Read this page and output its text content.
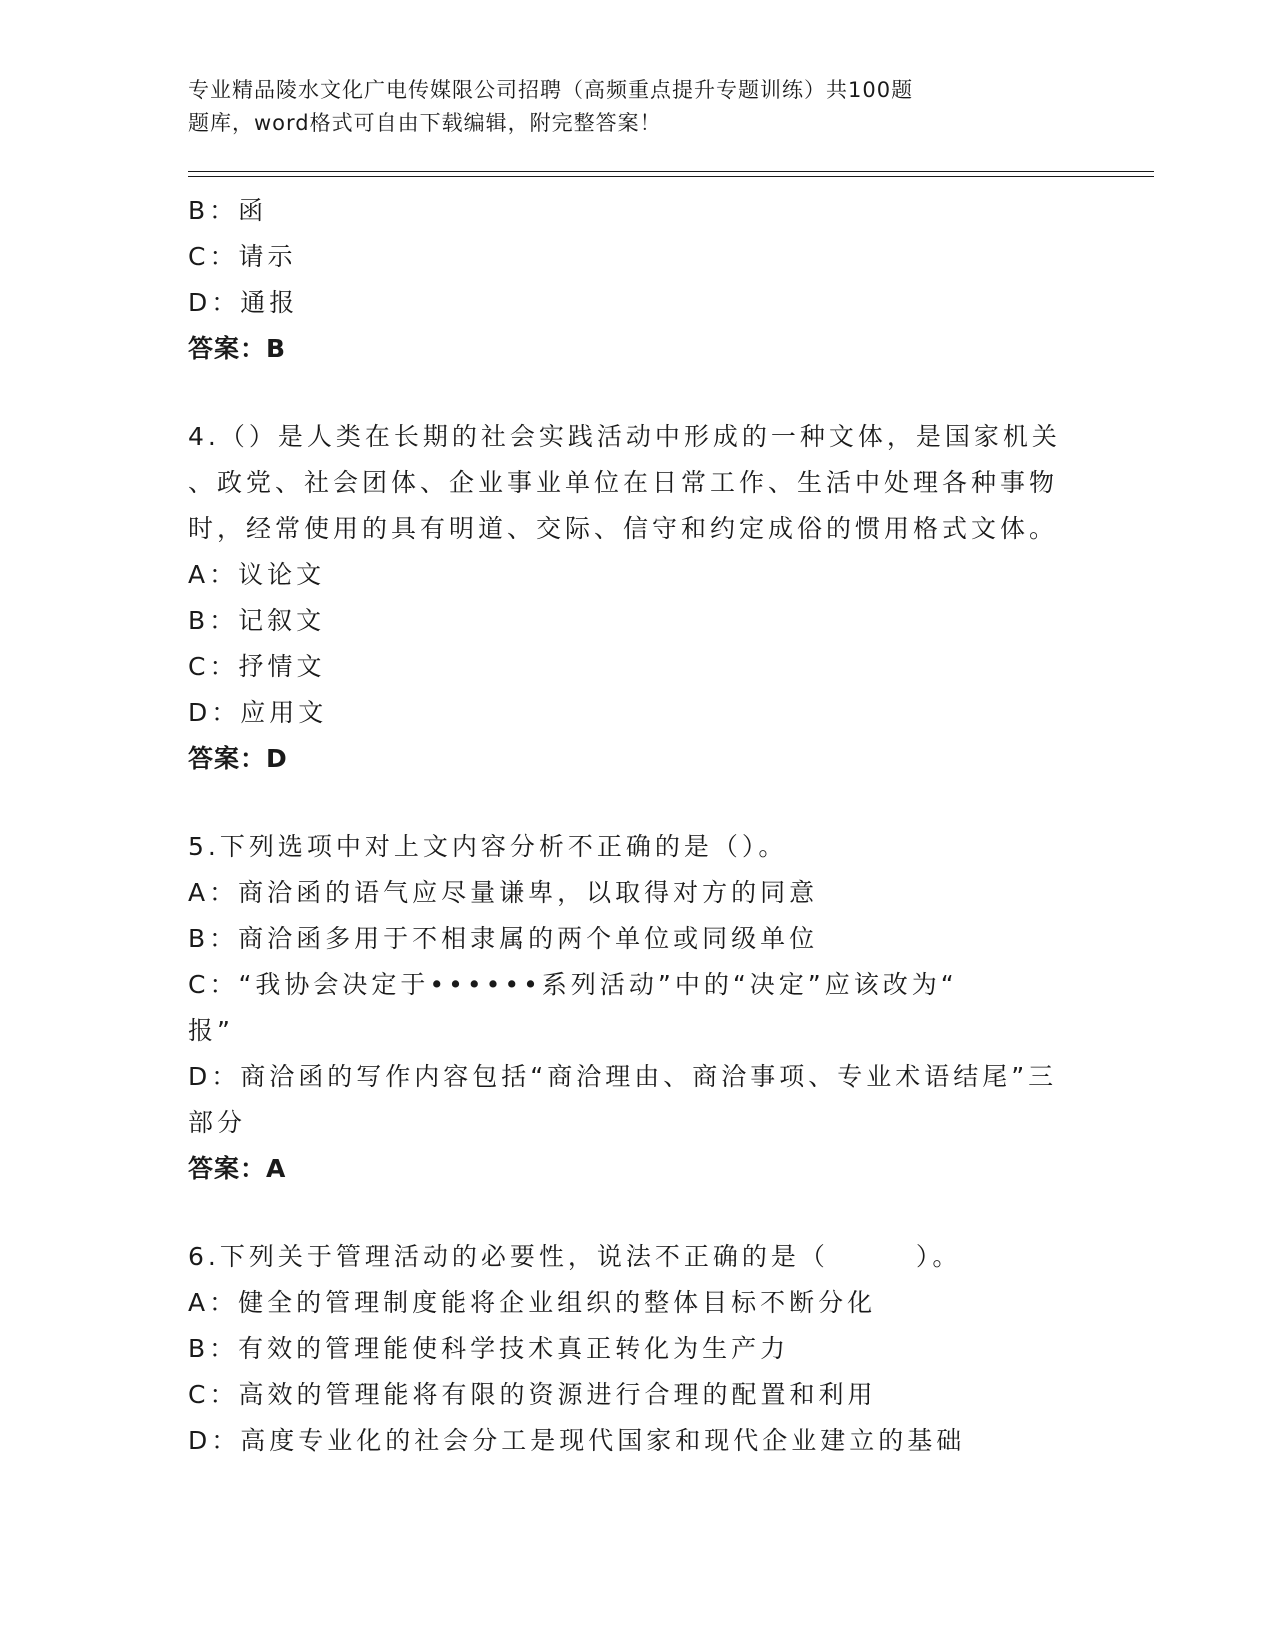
专业精品陵水文化广电传媒限公司招聘（高频重点提升专题训练）共100题
题库，word格式可自由下载编辑，附完整答案！
B：函
C：请示
D：通报
答案：B
4.（）是人类在长期的社会实践活动中形成的一种文体，是国家机关
、政党、社会团体、企业事业单位在日常工作、生活中处理各种事物
时，经常使用的具有明道、交际、信守和约定成俗的惯用格式文体。
A：议论文
B：记叙文
C：抒情文
D：应用文
答案：D
5.下列选项中对上文内容分析不正确的是（）。
A：商洽函的语气应尽量谦卑，以取得对方的同意
B：商洽函多用于不相隶属的两个单位或同级单位
C：“我协会决定于••••••系列活动”中的“决定”应该改为“
报”
D：商洽函的写作内容包括“商洽理由、商洽事项、专业术语结尾”三
部分
答案：A
6.下列关于管理活动的必要性，说法不正确的是（　　　）。
A：健全的管理制度能将企业组织的整体目标不断分化
B：有效的管理能使科学技术真正转化为生产力
C：高效的管理能将有限的资源进行合理的配置和利用
D：高度专业化的社会分工是现代国家和现代企业建立的基础
